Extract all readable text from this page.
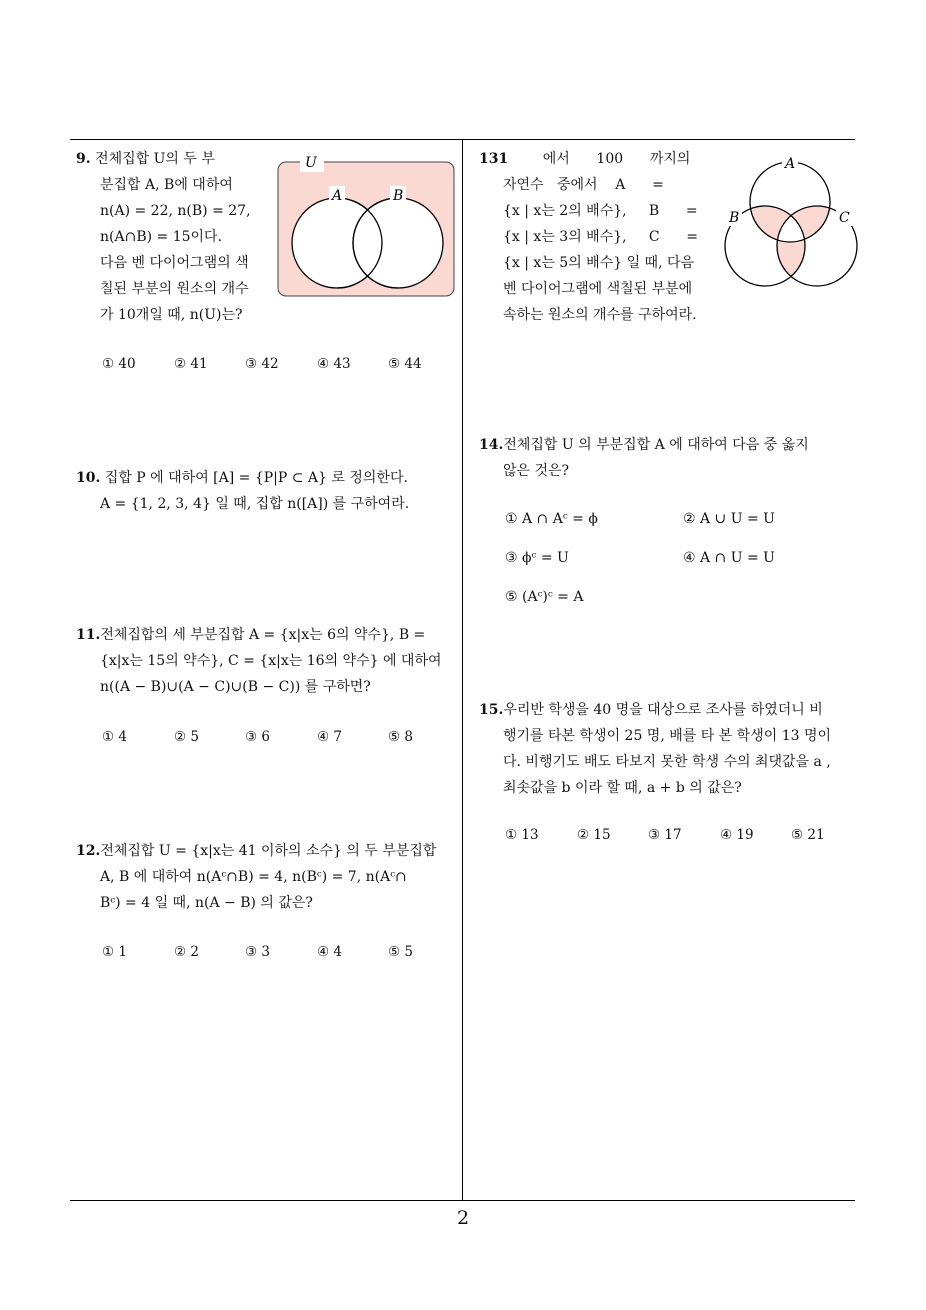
9. 전체집합 U의 두 부
분집합 A, B에 대하여
n(A) = 22, n(B) = 27,
n(A∩B) = 15이다.
다음 벤 다이어그램의 색
칠된 부분의 원소의 개수
가 10개일 때, n(U)는?
U
A	B
① 40	② 41	③ 42	④ 43	⑤ 44
10. 집합 P 에 대하여 [A] = {P|P ⊂ A} 로 정의한다.
A = {1, 2, 3, 4} 일 때, 집합 n([A]) 를 구하여라.
11.전체집합의 세 부분집합 A = {x|x는 6의 약수}, B =
{x|x는 15의 약수}, C = {x|x는 16의 약수} 에 대하여
n((A − B)∪(A − C)∪(B − C)) 를 구하면?
① 4	② 5	③ 6	④ 7	⑤ 8
12.전체집합 U = {x|x는 41 이하의 소수} 의 두 부분집합
A, B 에 대하여 n(Aᶜ∩B) = 4, n(Bᶜ) = 7, n(Aᶜ∩
Bᶜ) = 4 일 때, n(A − B) 의 값은?
① 1	② 2	③ 3	④ 4	⑤ 5
131 에서      100      까지의
자연수   중에서    A      =
{x | x는 2의 배수},     B      =
{x | x는 3의 배수},     C      =
{x | x는 5의 배수} 일 때, 다음
벤 다이어그램에 색칠된 부분에
속하는 원소의 개수를 구하여라.
A
B	C
14.전체집합 U 의 부분집합 A 에 대하여 다음 중 옳지
않은 것은?
① A ∩ Aᶜ = ϕ	② A ∪ U = U
③ ϕᶜ = U	④ A ∩ U = U
⑤ (Aᶜ)ᶜ = A
15.우리반 학생을 40 명을 대상으로 조사를 하였더니 비
행기를 타본 학생이 25 명, 배를 타 본 학생이 13 명이
다. 비행기도 배도 타보지 못한 학생 수의 최댓값을 a ,
최솟값을 b 이라 할 때, a + b 의 값은?
① 13	② 15	③ 17	④ 19	⑤ 21
2
